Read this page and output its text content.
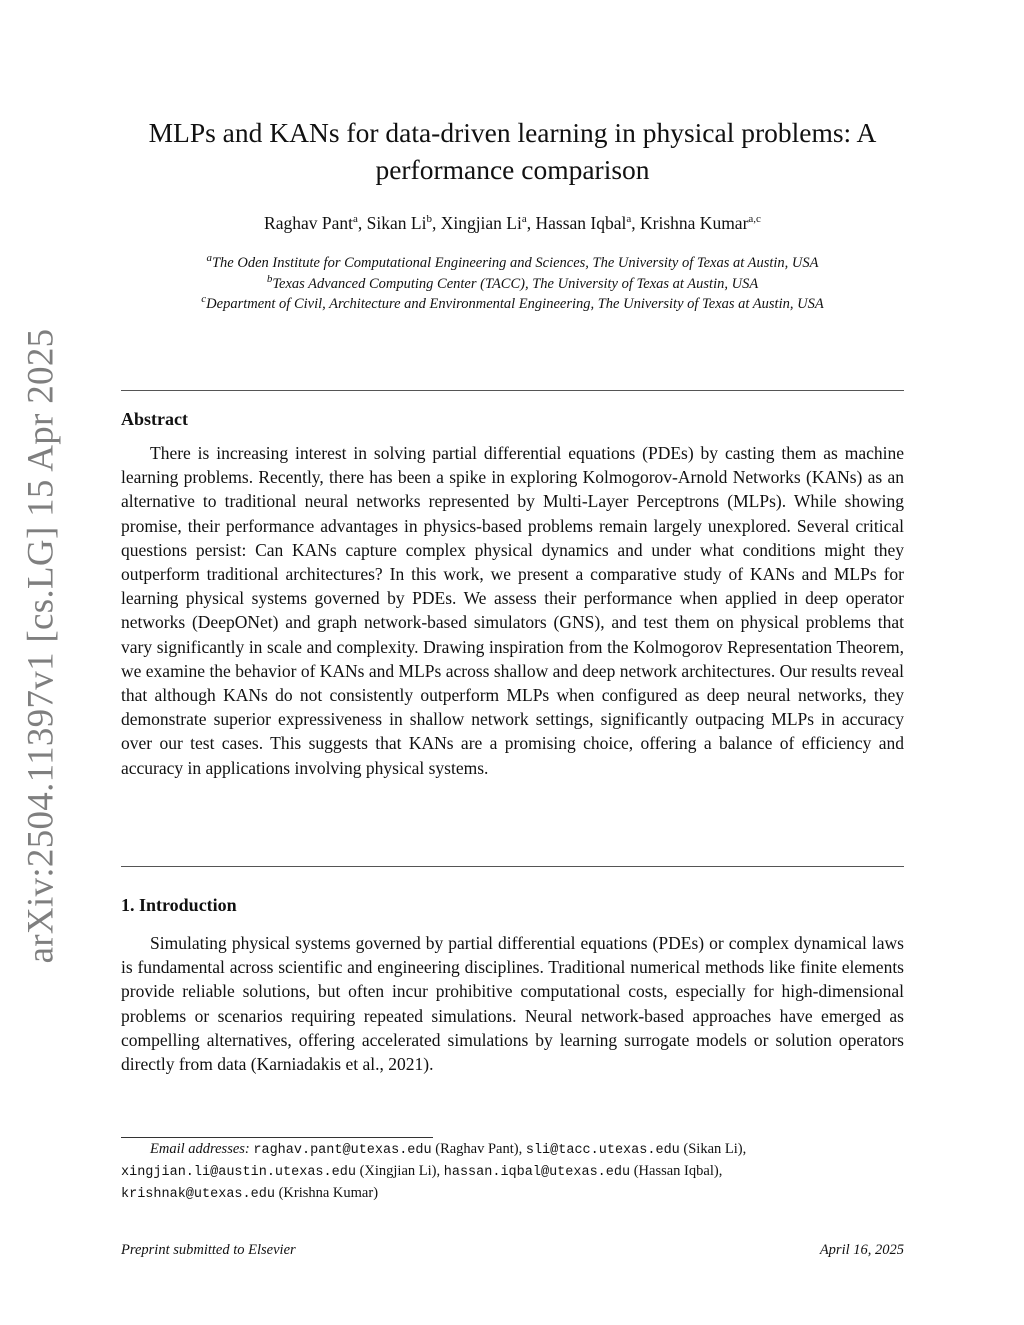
arXiv:2504.11397v1 [cs.LG] 15 Apr 2025
MLPs and KANs for data-driven learning in physical problems: A performance comparison
Raghav Pant$^a$, Sikan Li$^b$, Xingjian Li$^a$, Hassan Iqbal$^a$, Krishna Kumar$^{a,c}$
$^a$The Oden Institute for Computational Engineering and Sciences, The University of Texas at Austin, USA
$^b$Texas Advanced Computing Center (TACC), The University of Texas at Austin, USA
$^c$Department of Civil, Architecture and Environmental Engineering, The University of Texas at Austin, USA
Abstract

There is increasing interest in solving partial differential equations (PDEs) by casting them as machine learning problems. Recently, there has been a spike in exploring Kolmogorov-Arnold Networks (KANs) as an alternative to traditional neural networks represented by Multi-Layer Perceptrons (MLPs). While showing promise, their performance advantages in physics-based problems remain largely unexplored. Several critical questions persist: Can KANs capture complex physical dynamics and under what conditions might they outperform traditional architectures? In this work, we present a comparative study of KANs and MLPs for learning physical systems governed by PDEs. We assess their performance when applied in deep operator networks (DeepONet) and graph network-based simulators (GNS), and test them on physical problems that vary significantly in scale and complexity. Drawing inspiration from the Kolmogorov Representation Theorem, we examine the behavior of KANs and MLPs across shallow and deep network architectures. Our results reveal that although KANs do not consistently outperform MLPs when configured as deep neural networks, they demonstrate superior expressiveness in shallow network settings, significantly outpacing MLPs in accuracy over our test cases. This suggests that KANs are a promising choice, offering a balance of efficiency and accuracy in applications involving physical systems.

1. Introduction

Simulating physical systems governed by partial differential equations (PDEs) or complex dynamical laws is fundamental across scientific and engineering disciplines. Traditional numerical methods like finite elements provide reliable solutions, but often incur prohibitive computational costs, especially for high-dimensional problems or scenarios requiring repeated simulations. Neural network-based approaches have emerged as compelling alternatives, offering accelerated simulations by learning surrogate models or solution operators directly from data (Karniadakis et al., 2021).

Email addresses: raghav.pant@utexas.edu (Raghav Pant), sli@tacc.utexas.edu (Sikan Li),
xingjian.li@austin.utexas.edu (Xingjian Li), hassan.iqbal@utexas.edu (Hassan Iqbal),
krishnak@utexas.edu (Krishna Kumar)

Preprint submitted to Elsevier	April 16, 2025
